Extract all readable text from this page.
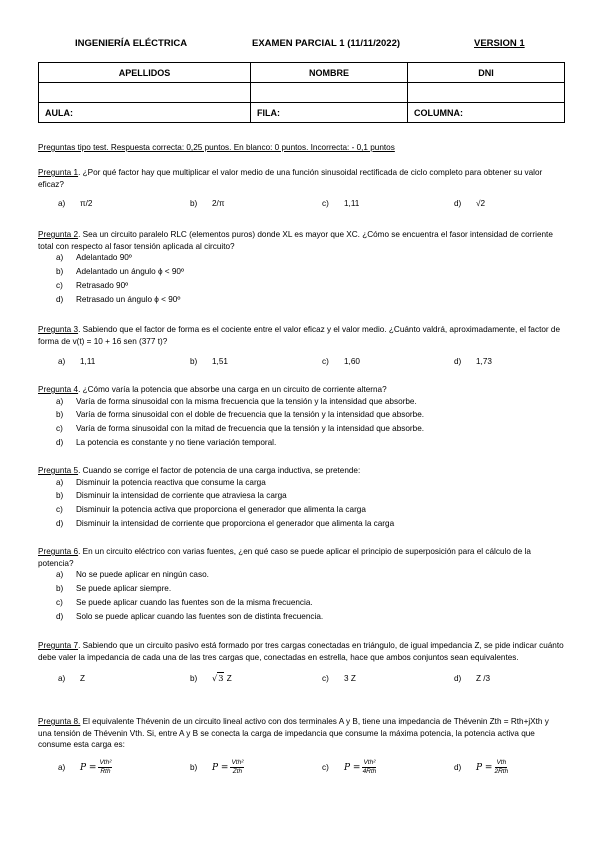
INGENIERÍA ELÉCTRICA	EXAMEN PARCIAL 1 (11/11/2022)	VERSION 1
APELLIDOS	NOMBRE	DNI

AULA:	FILA:	COLUMNA:
Preguntas tipo test. Respuesta correcta: 0,25 puntos. En blanco: 0 puntos. Incorrecta: - 0,1 puntos
Pregunta 1. ¿Por qué factor hay que multiplicar el valor medio de una función sinusoidal rectificada de ciclo completo para obtener su valor eficaz?
a) π/2	b) 2/π	c) 1,11	d) √2
Pregunta 2. Sea un circuito paralelo RLC (elementos puros) donde XL es mayor que XC. ¿Cómo se encuentra el fasor intensidad de corriente total con respecto al fasor tensión aplicada al circuito?
a) Adelantado 90º
b) Adelantado un ángulo ϕ < 90º
c) Retrasado 90º
d) Retrasado un ángulo ϕ < 90º
Pregunta 3. Sabiendo que el factor de forma es el cociente entre el valor eficaz y el valor medio. ¿Cuánto valdrá, aproximadamente, el factor de forma de v(t) = 10 + 16 sen (377 t)?
a) 1,11	b) 1,51	c) 1,60	d) 1,73
Pregunta 4. ¿Cómo varía la potencia que absorbe una carga en un circuito de corriente alterna?
a) Varía de forma sinusoidal con la misma frecuencia que la tensión y la intensidad que absorbe.
b) Varía de forma sinusoidal con el doble de frecuencia que la tensión y la intensidad que absorbe.
c) Varía de forma sinusoidal con la mitad de frecuencia que la tensión y la intensidad que absorbe.
d) La potencia es constante y no tiene variación temporal.
Pregunta 5. Cuando se corrige el factor de potencia de una carga inductiva, se pretende:
a) Disminuir la potencia reactiva que consume la carga
b) Disminuir la intensidad de corriente que atraviesa la carga
c) Disminuir la potencia activa que proporciona el generador que alimenta la carga
d) Disminuir la intensidad de corriente que proporciona el generador que alimenta la carga
Pregunta 6. En un circuito eléctrico con varias fuentes, ¿en qué caso se puede aplicar el principio de superposición para el cálculo de la potencia?
a) No se puede aplicar en ningún caso.
b) Se puede aplicar siempre.
c) Se puede aplicar cuando las fuentes son de la misma frecuencia.
d) Solo se puede aplicar cuando las fuentes son de distinta frecuencia.
Pregunta 7. Sabiendo que un circuito pasivo está formado por tres cargas conectadas en triángulo, de igual impedancia Z, se pide indicar cuánto debe valer la impedancia de cada una de las tres cargas que, conectadas en estrella, hace que ambos conjuntos sean equivalentes.
a) Z	b) √3 Z	c) 3 Z	d) Z /3
Pregunta 8. El equivalente Thévenin de un circuito lineal activo con dos terminales A y B, tiene una impedancia de Thévenin Zth = Rth+jXth y una tensión de Thévenin Vth. Si, entre A y B se conecta la carga de impedancia que consume la máxima potencia, la potencia activa que consume esta carga es:
a) $P = \frac{\text{Vth²}}{\text{Rth}}$	b) $P = \frac{\text{Vth²}}{\text{Zth}}$	c) $P = \frac{\text{Vth²}}{\text{4Rth}}$	d) $P = \frac{\text{Vth}}{\text{2Rth}}$
